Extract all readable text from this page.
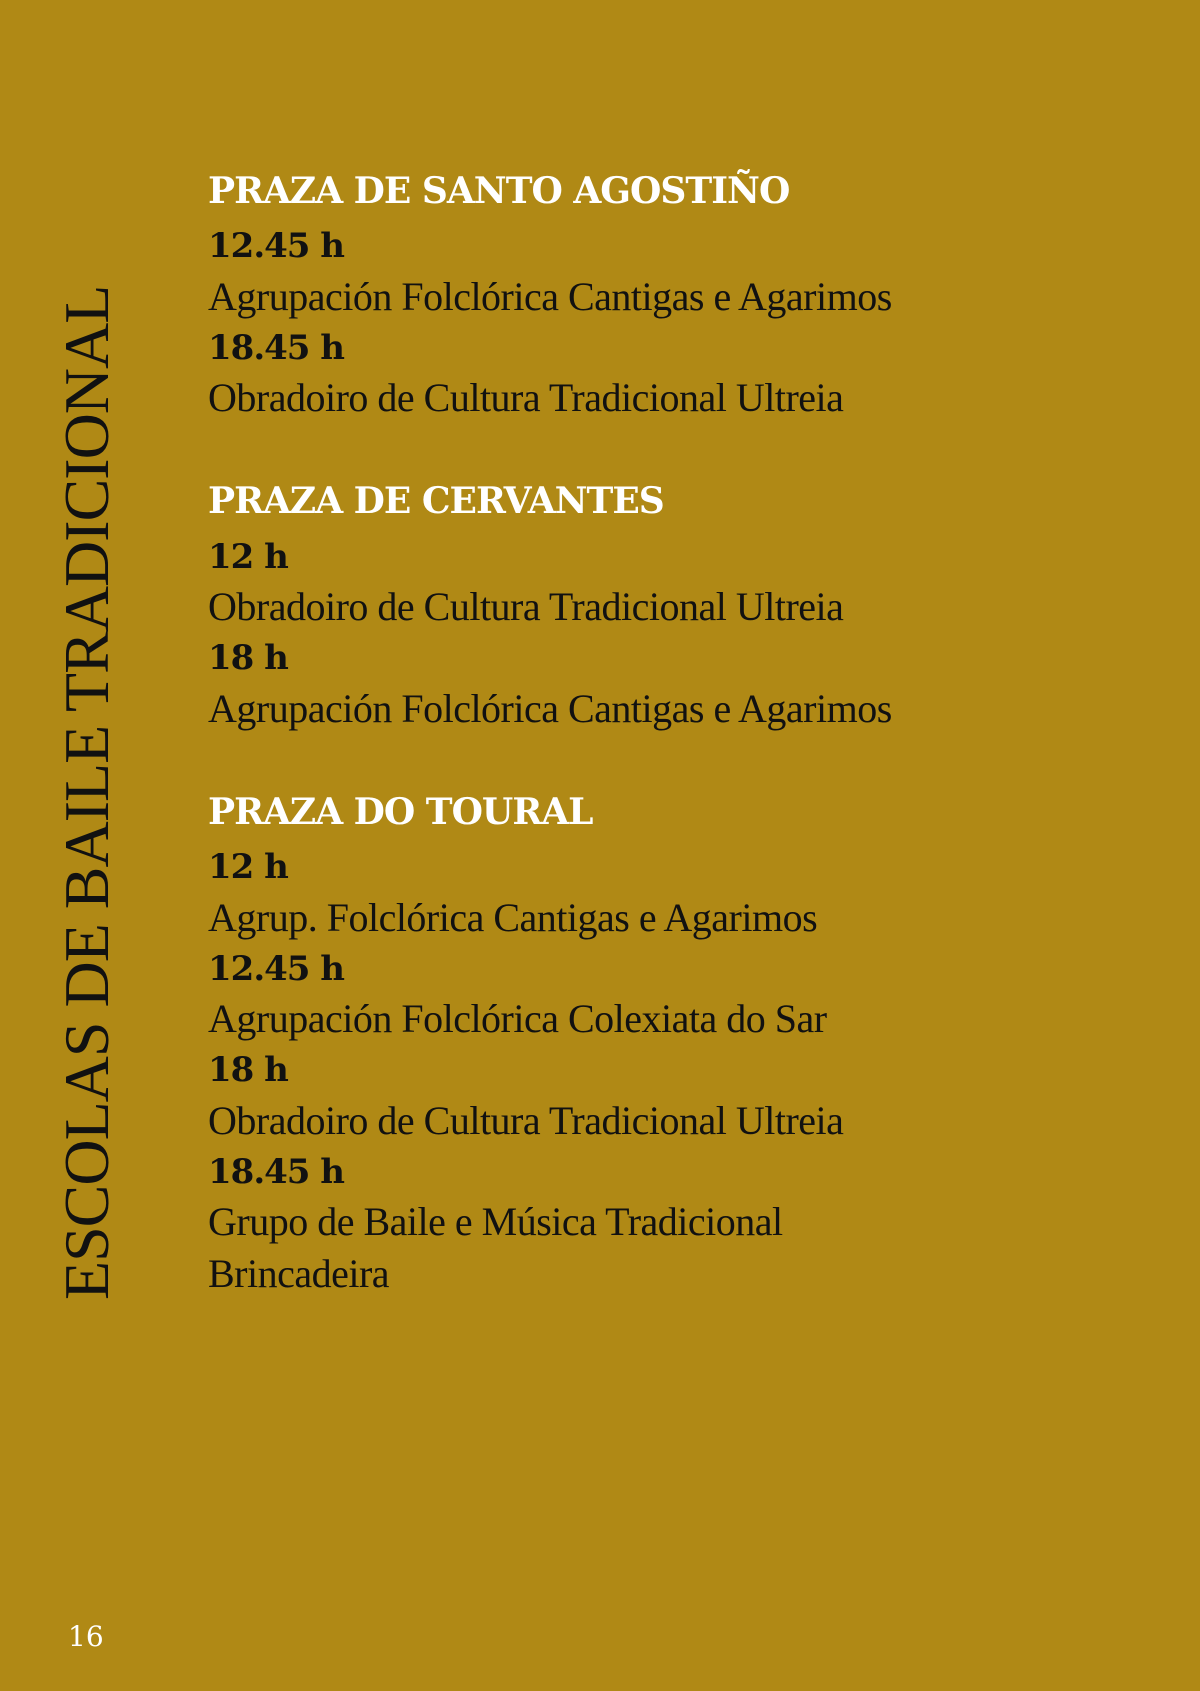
ESCOLAS DE BAILE TRADICIONAL
PRAZA DE SANTO AGOSTIÑO
12.45 h
Agrupación Folclórica Cantigas e Agarimos
18.45 h
Obradoiro de Cultura Tradicional Ultreia
PRAZA DE CERVANTES
12 h
Obradoiro de Cultura Tradicional Ultreia
18 h
Agrupación Folclórica Cantigas e Agarimos
PRAZA DO TOURAL
12 h
Agrup. Folclórica Cantigas e Agarimos
12.45 h
Agrupación Folclórica Colexiata do Sar
18 h
Obradoiro de Cultura Tradicional Ultreia
18.45 h
Grupo de Baile e Música Tradicional Brincadeira
16
